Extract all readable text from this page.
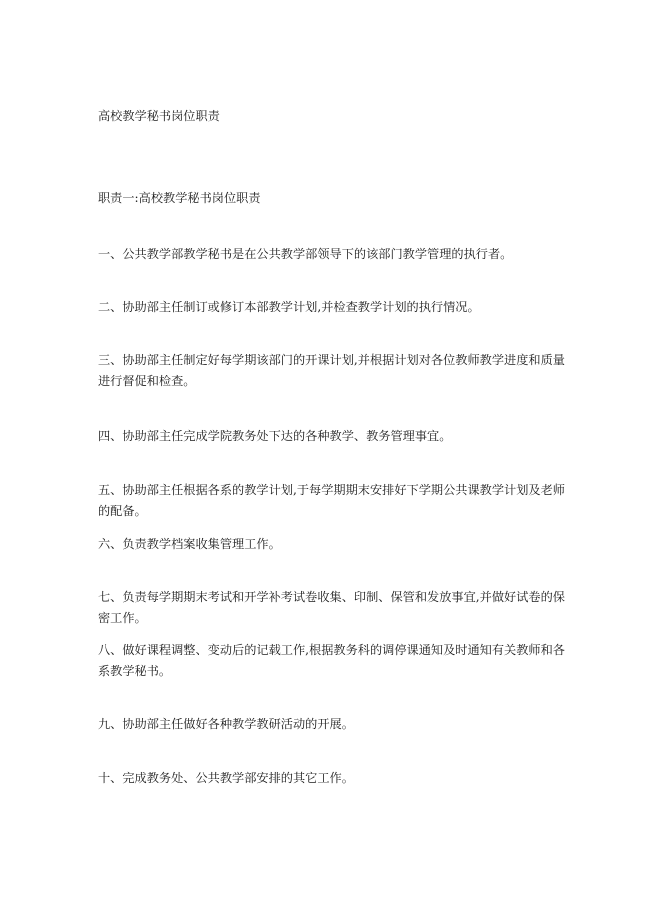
高校教学秘书岗位职责
职责一:高校教学秘书岗位职责
一、公共教学部教学秘书是在公共教学部领导下的该部门教学管理的执行者。
二、协助部主任制订或修订本部教学计划,并检查教学计划的执行情况。
三、协助部主任制定好每学期该部门的开课计划,并根据计划对各位教师教学进度和质量进行督促和检查。
四、协助部主任完成学院教务处下达的各种教学、教务管理事宜。
五、协助部主任根据各系的教学计划,于每学期期末安排好下学期公共课教学计划及老师的配备。
六、负责教学档案收集管理工作。
七、负责每学期期末考试和开学补考试卷收集、印制、保管和发放事宜,并做好试卷的保密工作。
八、做好课程调整、变动后的记载工作,根据教务科的调停课通知及时通知有关教师和各系教学秘书。
九、协助部主任做好各种教学教研活动的开展。
十、完成教务处、公共教学部安排的其它工作。
